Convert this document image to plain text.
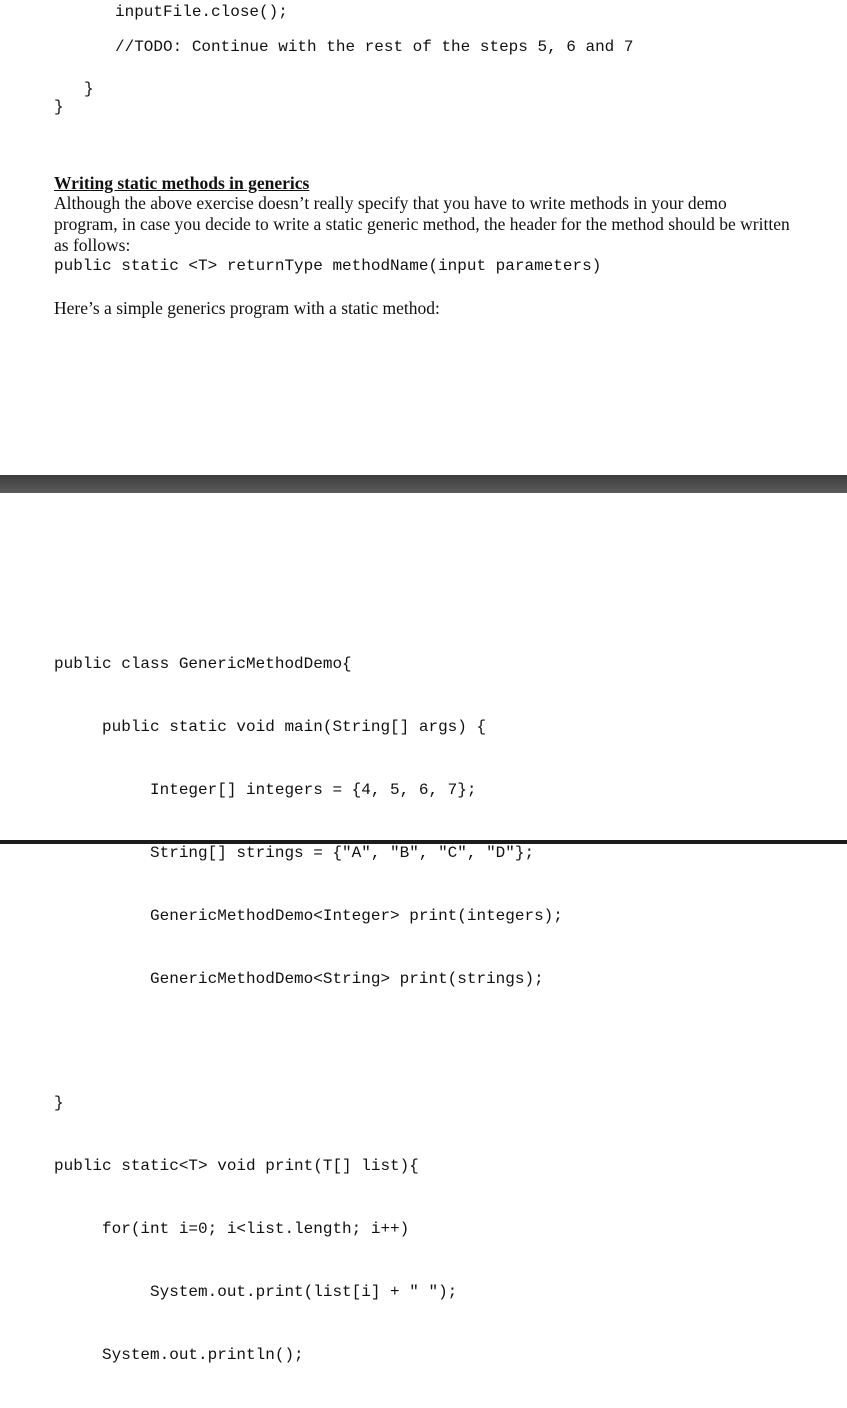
inputFile.close();

//TODO: Continue with the rest of the steps 5, 6 and 7

}

}

Writing static methods in generics

Although the above exercise doesn’t really specify that you have to write methods in your demo program, in case you decide to write a static generic method, the header for the method should be written as follows:

public static <T> returnType methodName(input parameters)

Here’s a simple generics program with a static method:

public class GenericMethodDemo{

public static void main(String[] args) {

Integer[] integers = {4, 5, 6, 7};

String[] strings = {"A", "B", "C", "D"};

GenericMethodDemo<Integer> print(integers);

GenericMethodDemo<String> print(strings);

}

public static<T> void print(T[] list){

for(int i=0; i<list.length; i++)

System.out.print(list[i] + " ");

System.out.println();
